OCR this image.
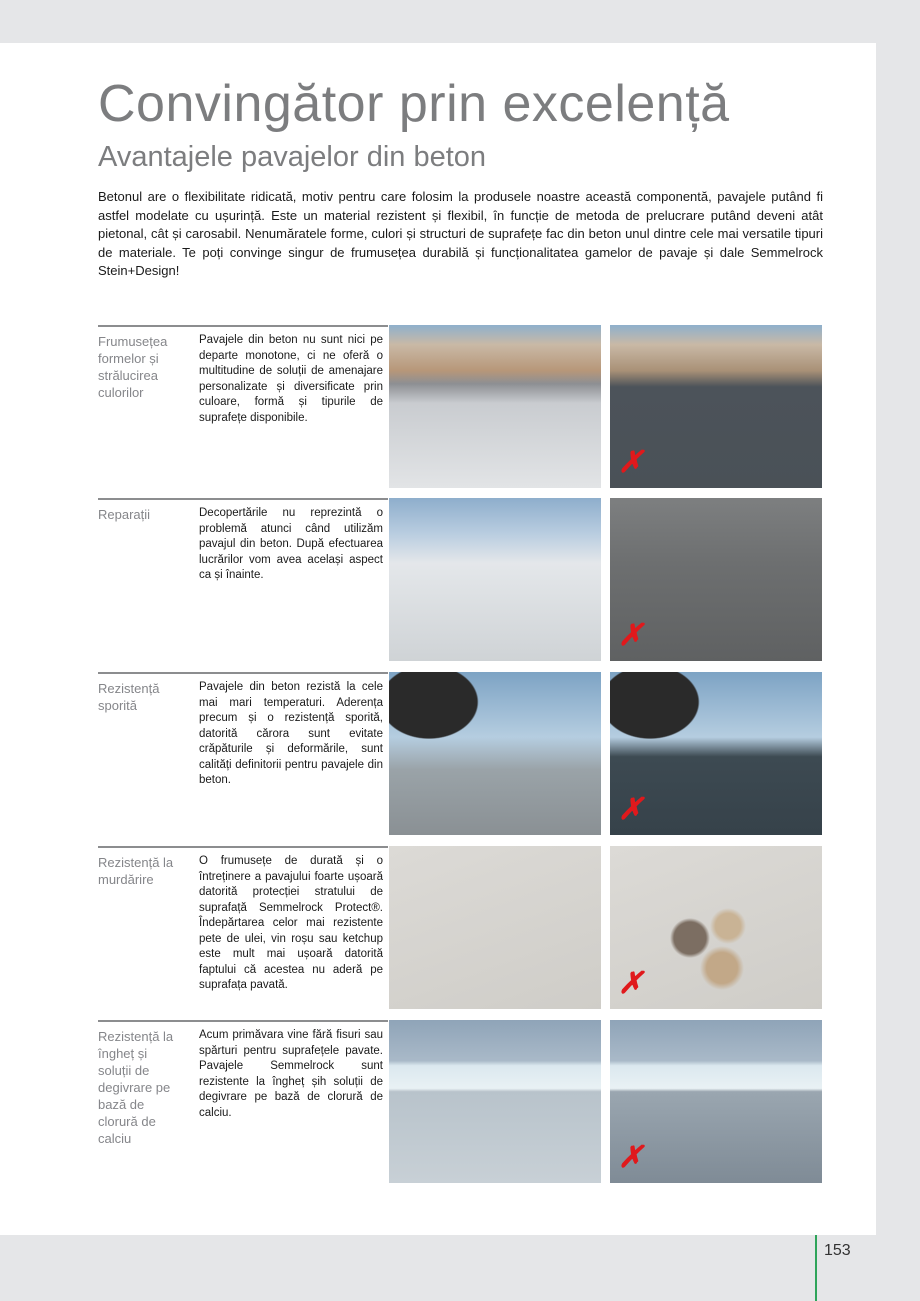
Convingător prin excelență
Avantajele pavajelor din beton

Betonul are o flexibilitate ridicată, motiv pentru care folosim la produsele noastre această componentă, pavajele putând fi astfel modelate cu ușurință. Este un material rezistent și flexibil, în funcție de metoda de prelucrare putând deveni atât pietonal, cât și carosabil. Nenumăratele forme, culori și structuri de suprafețe fac din beton unul dintre cele mai versatile tipuri de materiale. Te poți convinge singur de frumusețea durabilă și funcționalitatea gamelor de pavaje și dale Semmelrock Stein+Design!

Frumusețea formelor și strălucirea culorilor
Pavajele din beton nu sunt nici pe departe monotone, ci ne oferă o multitudine de soluții de amenajare personalizate și diversificate prin culoare, formă și tipurile de suprafețe disponibile.
✗
Reparații	Decopertările nu reprezintă o problemă atunci când utilizăm pavajul din beton. După efectuarea lucrărilor vom avea același aspect ca și înainte.
✗
Rezistență sporită
Pavajele din beton rezistă la cele mai mari temperaturi. Aderența precum și o rezistență sporită, datorită cărora sunt evitate crăpăturile și deformările, sunt calități definitorii pentru pavajele din beton.
✗
Rezistență la murdărire
O frumusețe de durată și o întreținere a pavajului foarte ușoară datorită protecției stratului de suprafață Semmelrock Protect®. Îndepărtarea celor mai rezistente pete de ulei, vin roșu sau ketchup este mult mai ușoară datorită faptului că acestea nu aderă pe suprafața pavată.	✗
Rezistență la îngheț și soluții de degivrare pe bază de clorură de calciu
Acum primăvara vine fără fisuri sau spărturi pentru suprafețele pavate. Pavajele Semmelrock sunt rezistente la îngheț șih soluții de degivrare pe bază de clorură de calciu.
✗
153
